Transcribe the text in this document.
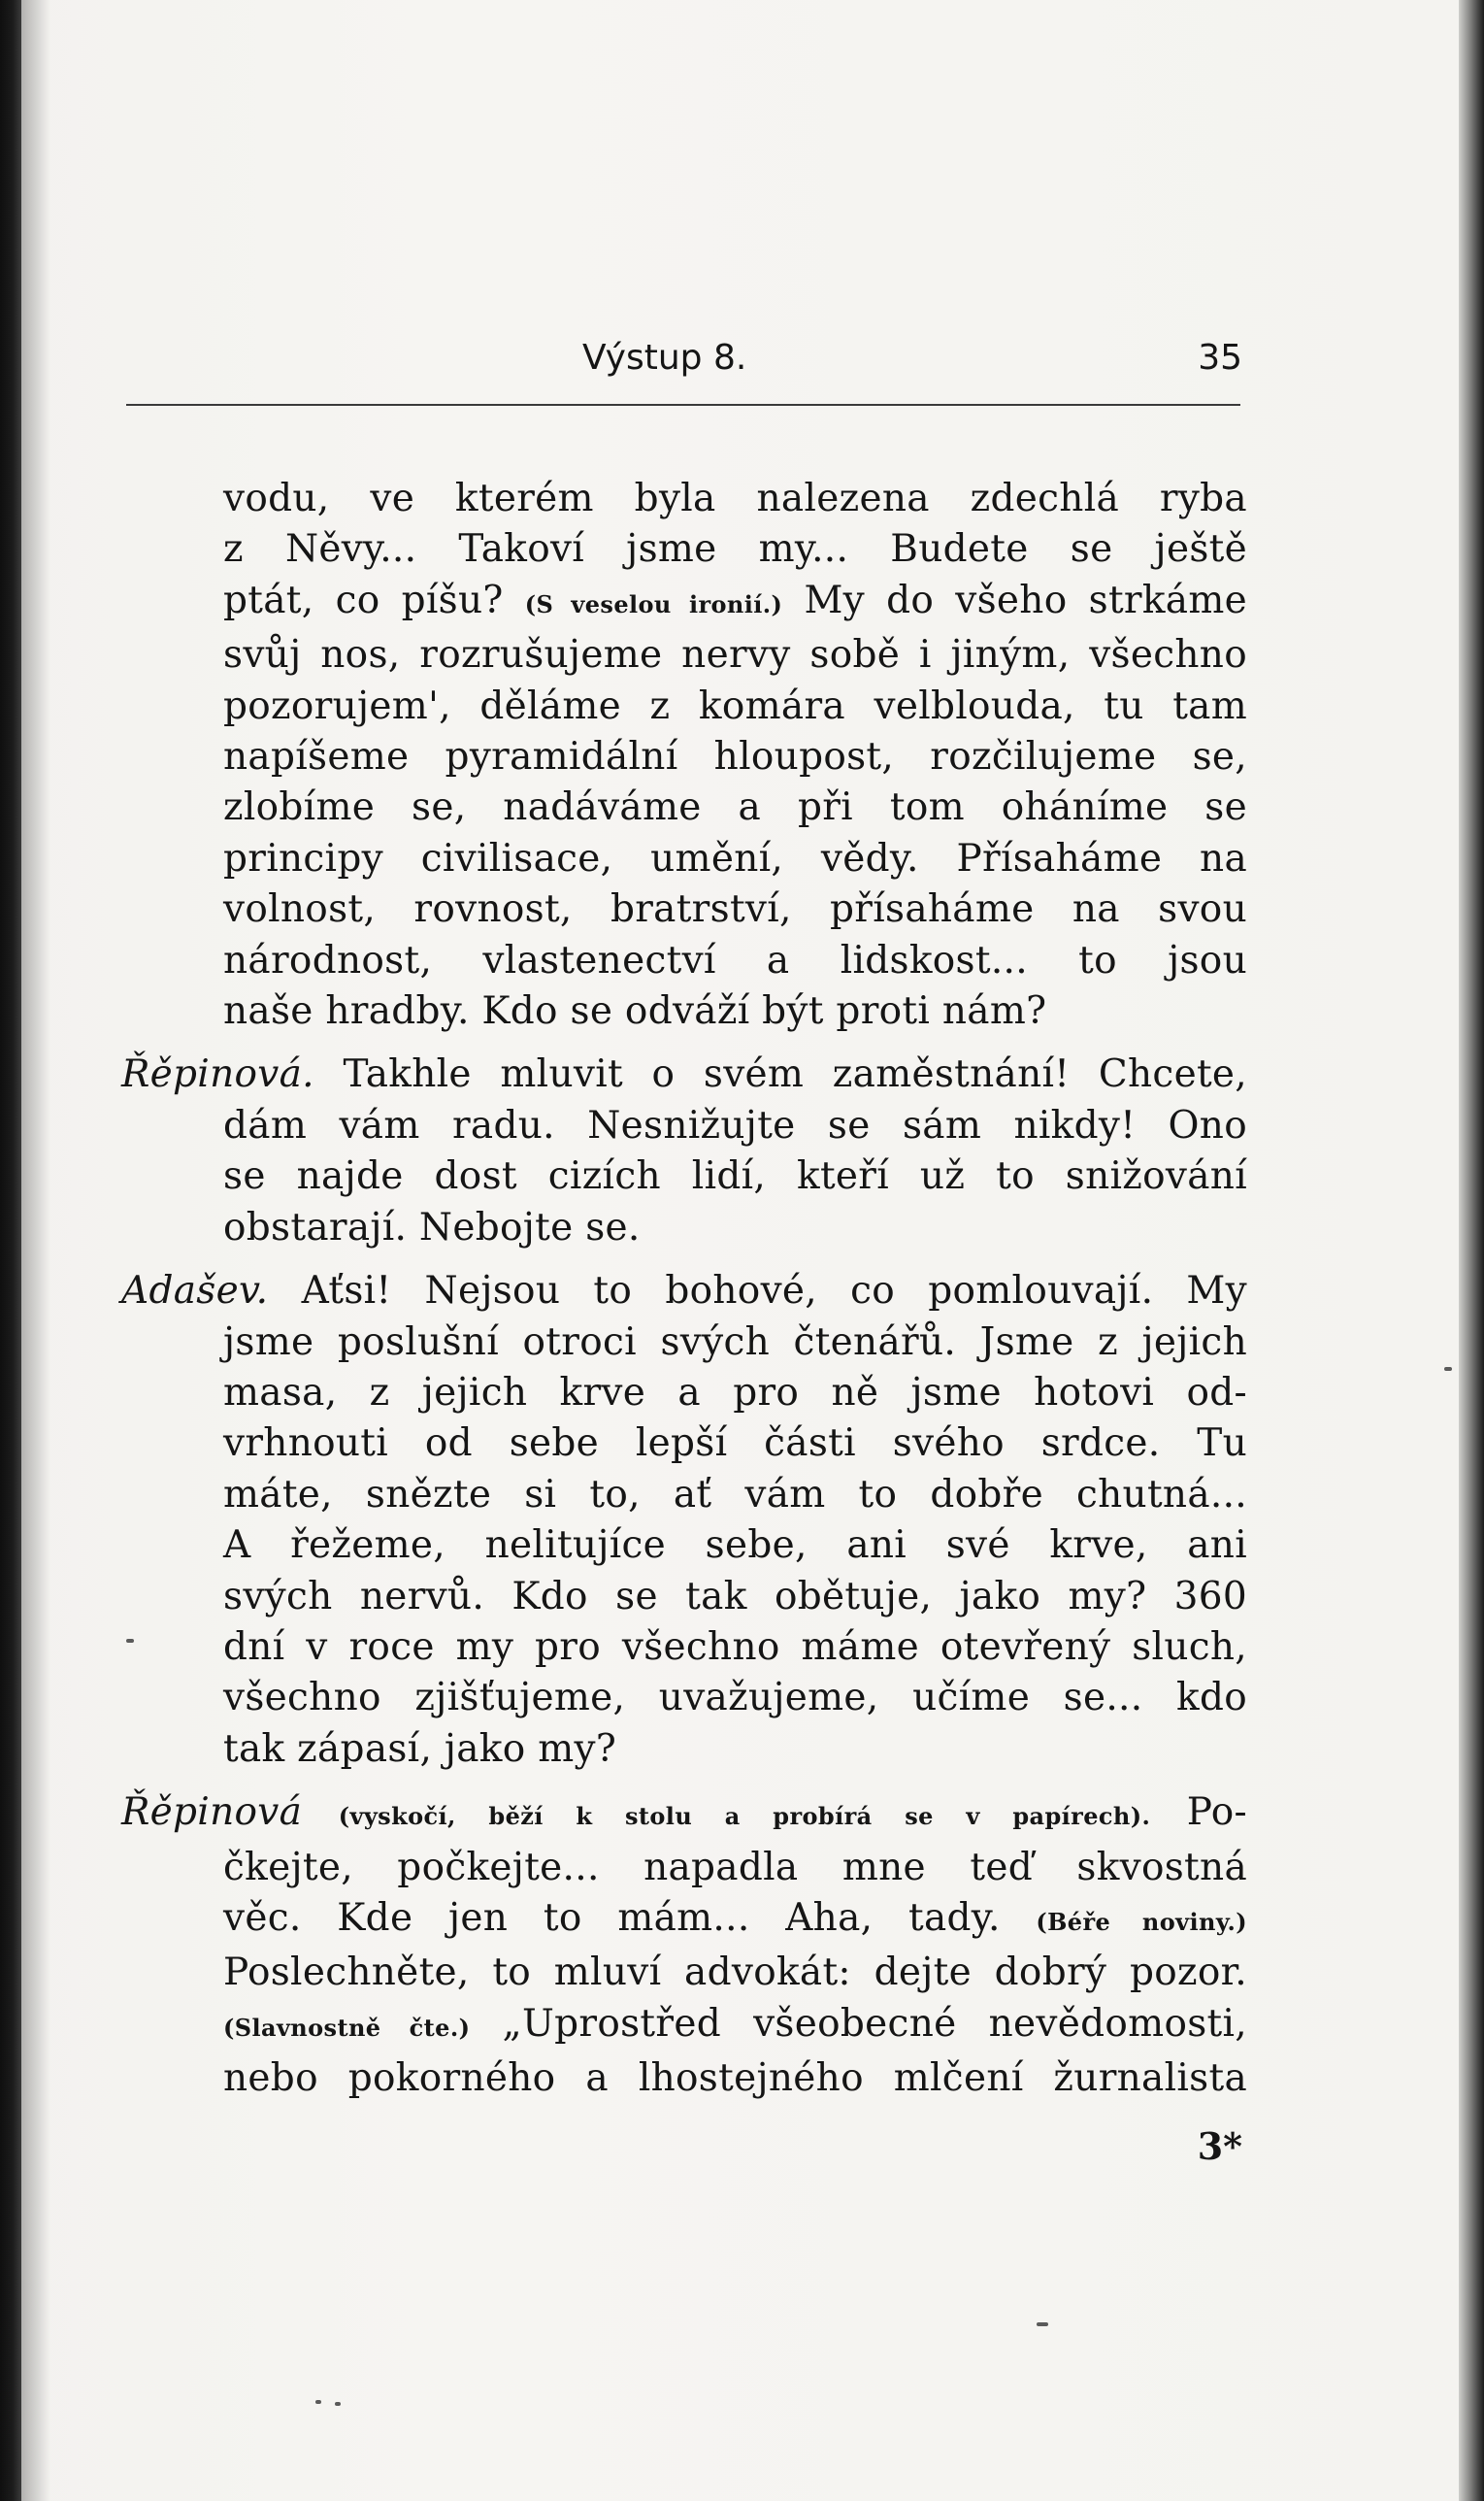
Výstup 8.	35
vodu, ve kterém byla nalezena zdechlá ryba
z Něvy... Takoví jsme my... Budete se ještě
ptát, co píšu? (S veselou ironií.) My do všeho strkáme
svůj nos, rozrušujeme nervy sobě i jiným, všechno
pozorujem', děláme z komára velblouda, tu tam
napíšeme pyramidální hloupost, rozčilujeme se,
zlobíme se, nadáváme a při tom oháníme se
principy civilisace, umění, vědy. Přísaháme na
volnost, rovnost, bratrství, přísaháme na svou
národnost, vlastenectví a lidskost... to jsou
naše hradby. Kdo se odváží být proti nám?
Řěpinová. Takhle mluvit o svém zaměstnání! Chcete,
dám vám radu. Nesnižujte se sám nikdy! Ono
se najde dost cizích lidí, kteří už to snižování
obstarají. Nebojte se.
Adašev. Aťsi! Nejsou to bohové, co pomlouvají. My
jsme poslušní otroci svých čtenářů. Jsme z jejich
masa, z jejich krve a pro ně jsme hotovi od-
vrhnouti od sebe lepší části svého srdce. Tu
máte, snězte si to, ať vám to dobře chutná...
A řežeme, nelitujíce sebe, ani své krve, ani
svých nervů. Kdo se tak obětuje, jako my? 360
dní v roce my pro všechno máme otevřený sluch,
všechno zjišťujeme, uvažujeme, učíme se... kdo
tak zápasí, jako my?
Řěpinová (vyskočí, běží k stolu a probírá se v papírech). Po-
čkejte, počkejte... napadla mne teď skvostná
věc. Kde jen to mám... Aha, tady. (Béře noviny.)
Poslechněte, to mluví advokát: dejte dobrý pozor.
(Slavnostně čte.) „Uprostřed všeobecné nevědomosti,
nebo pokorného a lhostejného mlčení žurnalista
3*
